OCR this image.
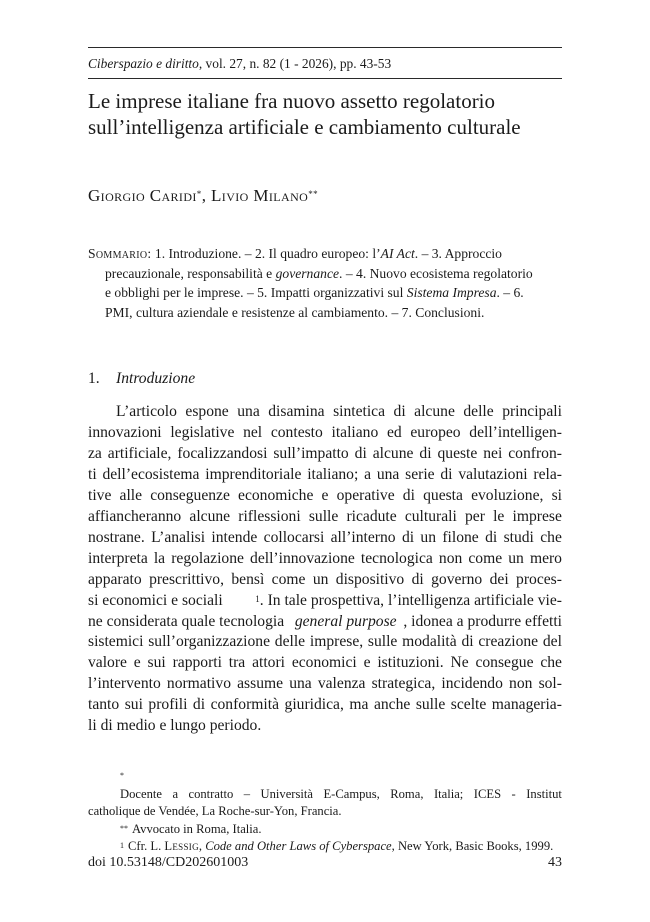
Ciberspazio e diritto, vol. 27, n. 82 (1 - 2026), pp. 43-53
Le imprese italiane fra nuovo assetto regolatorio
sull’intelligenza artificiale e cambiamento culturale
Giorgio Caridi*, Livio Milano**
Sommario: 1. Introduzione. – 2. Il quadro europeo: l’AI Act. – 3. Approccio
precauzionale, responsabilità e governance. – 4. Nuovo ecosistema regolatorio
e obblighi per le imprese. – 5. Impatti organizzativi sul Sistema Impresa. – 6.
PMI, cultura aziendale e resistenze al cambiamento. – 7. Conclusioni.
1. Introduzione
L’articolo espone una disamina sintetica di alcune delle principali
innovazioni legislative nel contesto italiano ed europeo dell’intelligen-
za artificiale, focalizzandosi sull’impatto di alcune di queste nei confron-
ti dell’ecosistema imprenditoriale italiano; a una serie di valutazioni rela-
tive alle conseguenze economiche e operative di questa evoluzione, si
affiancheranno alcune riflessioni sulle ricadute culturali per le imprese
nostrane. L’analisi intende collocarsi all’interno di un filone di studi che
interpreta la regolazione dell’innovazione tecnologica non come un mero
apparato prescrittivo, bensì come un dispositivo di governo dei proces-
si economici e sociali	$^1$. In tale prospettiva, l’intelligenza artificiale vie-
ne considerata quale tecnologia general purpose , idonea a produrre effetti
sistemici sull’organizzazione delle imprese, sulle modalità di creazione del
valore e sui rapporti tra attori economici e istituzioni. Ne consegue che
l’intervento normativo assume una valenza strategica, incidendo non sol-
tanto sui profili di conformità giuridica, ma anche sulle scelte manageria-
li di medio e lungo periodo.
*
Docente a contratto – Università E-Campus, Roma, Italia; ICES - Institut
catholique de Vendée, La Roche-sur-Yon, Francia.
** Avvocato in Roma, Italia.
$^1$ Cfr. L. Lessig, Code and Other Laws of Cyberspace, New York, Basic Books, 1999.
doi 10.53148/CD202601003	43
